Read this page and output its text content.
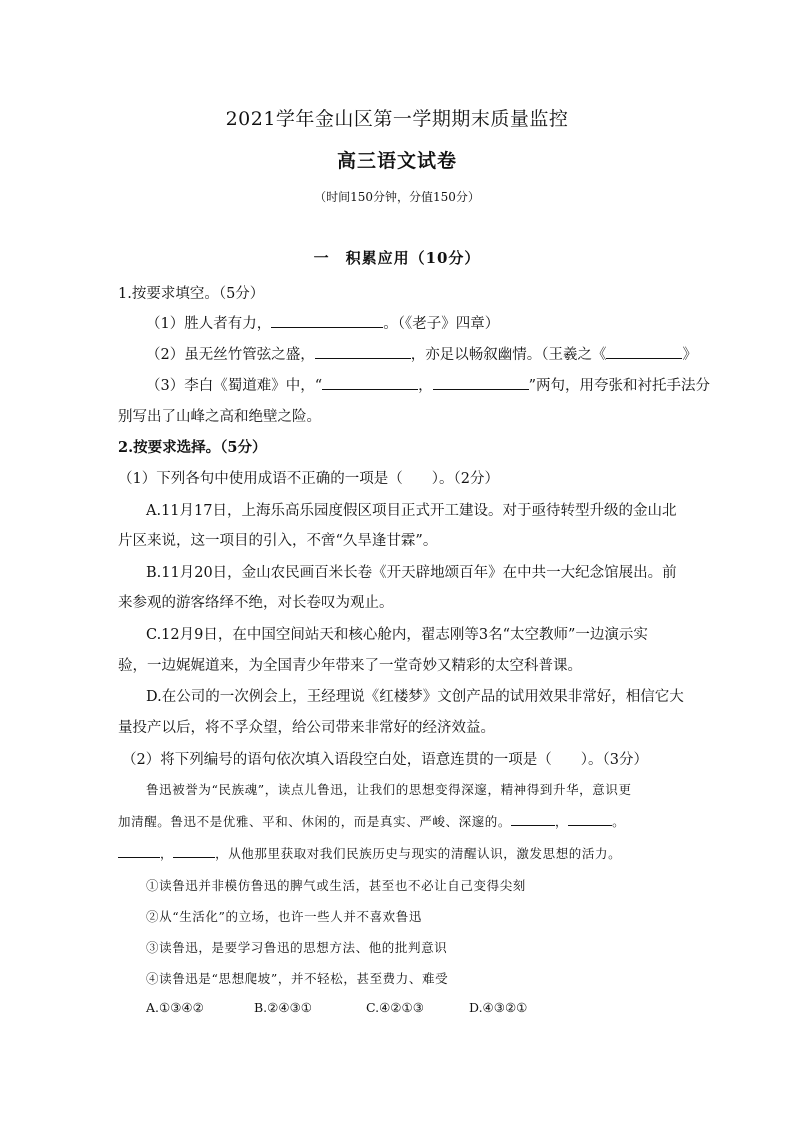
2021学年金山区第一学期期末质量监控
高三语文试卷
（时间150分钟，分值150分）
一　积累应用（10分）
1.按要求填空。（5分）
（1）胜人者有力，	。（《老子》四章）
（2）虽无丝竹管弦之盛，	，亦足以畅叙幽情。（王羲之《	》
（3）李白《蜀道难》中，“	，	”两句，用夸张和衬托手法分
别写出了山峰之高和绝壁之险。
2.按要求选择。（5分）
（1）下列各句中使用成语不正确的一项是（　　）。（2分）
A.11月17日，上海乐高乐园度假区项目正式开工建设。对于亟待转型升级的金山北
片区来说，这一项目的引入，不啻“久旱逢甘霖”。
B.11月20日，金山农民画百米长卷《开天辟地颂百年》在中共一大纪念馆展出。前
来参观的游客络绎不绝，对长卷叹为观止。
C.12月9日，在中国空间站天和核心舱内，翟志刚等3名“太空教师”一边演示实
验，一边娓娓道来，为全国青少年带来了一堂奇妙又精彩的太空科普课。
D.在公司的一次例会上，王经理说《红楼梦》文创产品的试用效果非常好，相信它大
量投产以后，将不孚众望，给公司带来非常好的经济效益。
（2）将下列编号的语句依次填入语段空白处，语意连贯的一项是（　　）。（3分）
鲁迅被誉为“民族魂”，读点儿鲁迅，让我们的思想变得深邃，精神得到升华，意识更
加清醒。鲁迅不是优雅、平和、休闲的，而是真实、严峻、深邃的。	，	。
，	，从他那里获取对我们民族历史与现实的清醒认识，激发思想的活力。
①读鲁迅并非模仿鲁迅的脾气或生活，甚至也不必让自己变得尖刻
②从“生活化”的立场，也许一些人并不喜欢鲁迅
③读鲁迅，是要学习鲁迅的思想方法、他的批判意识
④读鲁迅是“思想爬坡”，并不轻松，甚至费力、难受
A.①③④②	B.②④③①	C.④②①③	D.④③②①
